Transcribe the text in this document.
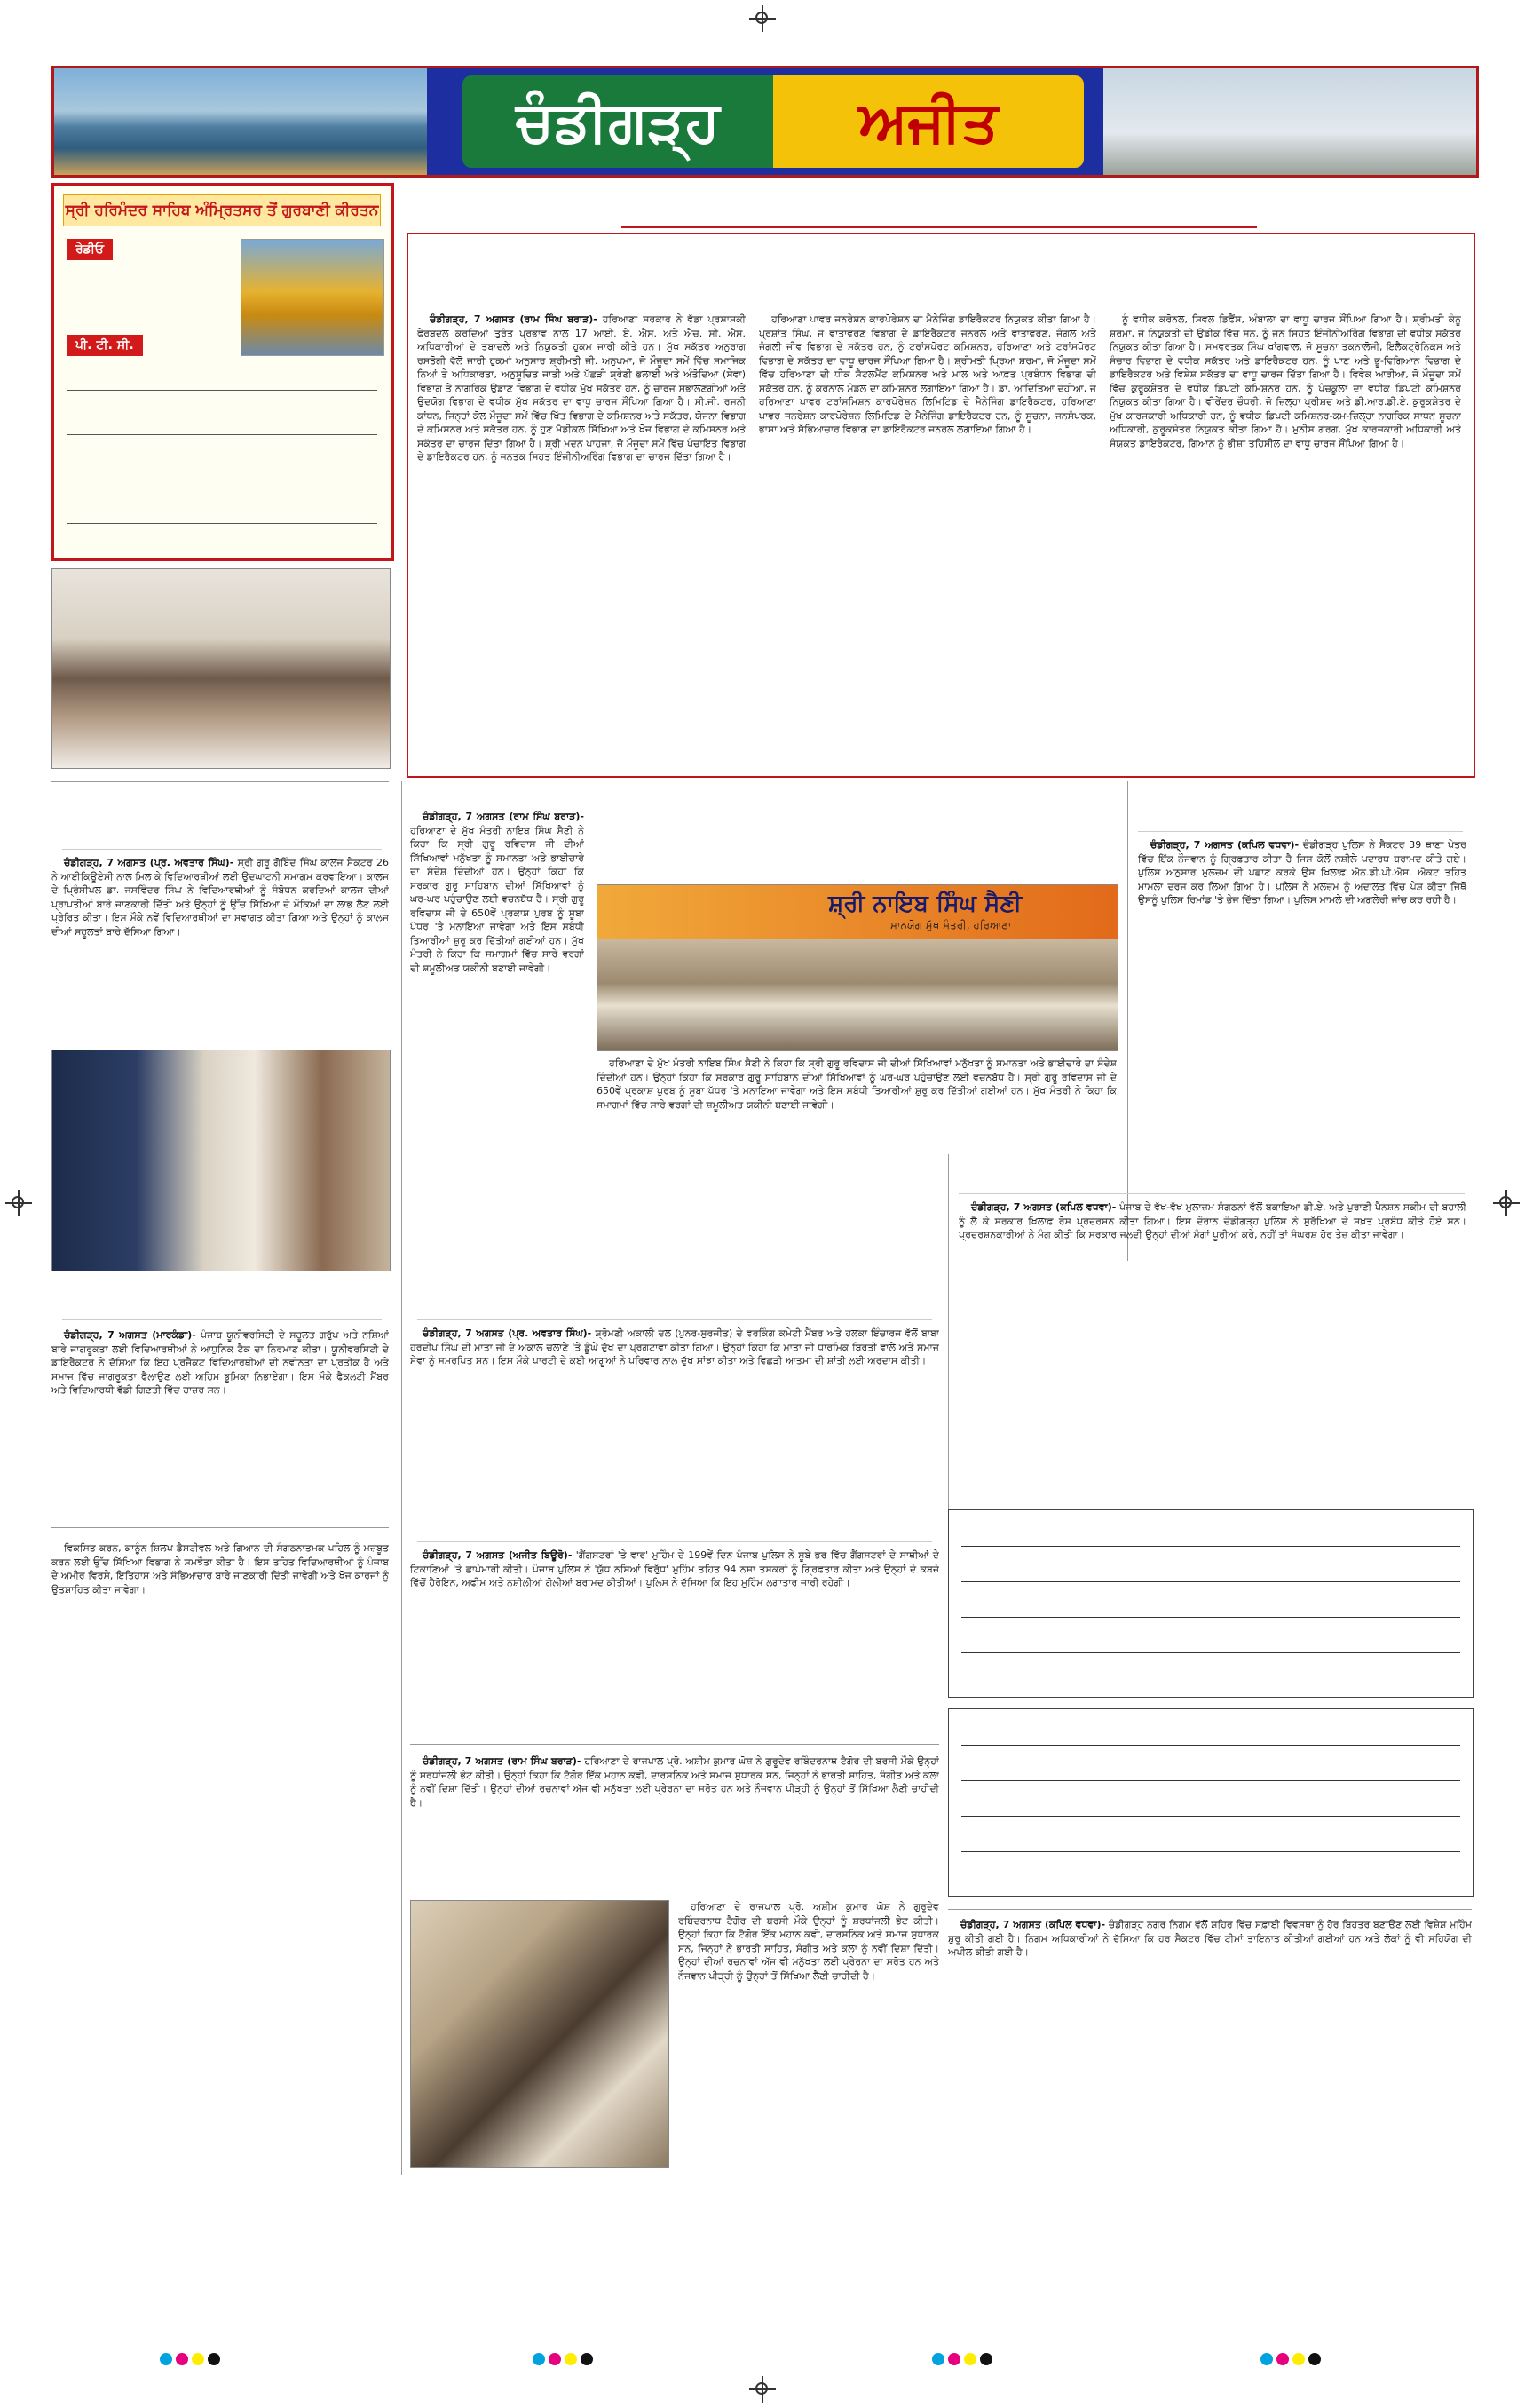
ਚੰਡੀਗੜ੍ਹ	ਅਜੀਤ
ਸ੍ਰੀ ਹਰਿਮੰਦਰ ਸਾਹਿਬ ਅੰਮ੍ਰਿਤਸਰ ਤੋਂ ਗੁਰਬਾਣੀ ਕੀਰਤਨ
ਰੇਡੀਓ
ਪੀ. ਟੀ. ਸੀ.

ਚੰਡੀਗੜ੍ਹ, 7 ਅਗਸਤ (ਰਾਮ ਸਿੰਘ ਬਰਾੜ)- ਹਰਿਆਣਾ ਸਰਕਾਰ ਨੇ ਵੱਡਾ ਪ੍ਰਸ਼ਾਸਕੀ ਫੇਰਬਦਲ ਕਰਦਿਆਂ ਤੁਰੰਤ ਪ੍ਰਭਾਵ ਨਾਲ 17 ਆਈ. ਏ. ਐਸ. ਅਤੇ ਐਚ. ਸੀ. ਐਸ. ਅਧਿਕਾਰੀਆਂ ਦੇ ਤਬਾਦਲੇ ਅਤੇ ਨਿਯੁਕਤੀ ਹੁਕਮ ਜਾਰੀ ਕੀਤੇ ਹਨ। ਮੁੱਖ ਸਕੱਤਰ ਅਨੁਰਾਗ ਰਸਤੋਗੀ ਵੱਲੋਂ ਜਾਰੀ ਹੁਕਮਾਂ ਅਨੁਸਾਰ ਸ਼੍ਰੀਮਤੀ ਜੀ. ਅਨੁਪਮਾ, ਜੋ ਮੌਜੂਦਾ ਸਮੇਂ ਵਿੱਚ ਸਮਾਜਿਕ ਨਿਆਂ ਤੇ ਅਧਿਕਾਰਤਾ, ਅਨੁਸੂਚਿਤ ਜਾਤੀ ਅਤੇ ਪੱਛੜੀ ਸ਼੍ਰੇਣੀ ਭਲਾਈ ਅਤੇ ਅੰਤੋਦਿਆ (ਸੇਵਾ) ਵਿਭਾਗ ਤੇ ਨਾਗਰਿਕ ਉਡਾਣ ਵਿਭਾਗ ਦੇ ਵਧੀਕ ਮੁੱਖ ਸਕੱਤਰ ਹਨ, ਨੂੰ ਚਾਰਜ ਸਭਾਲਣਗੀਆਂ ਅਤੇ ਉਦਯੋਗ ਵਿਭਾਗ ਦੇ ਵਧੀਕ ਮੁੱਖ ਸਕੱਤਰ ਦਾ ਵਾਧੂ ਚਾਰਜ ਸੌਂਪਿਆ ਗਿਆ ਹੈ। ਸੀ.ਜੀ. ਰਜਨੀ ਕਾਂਥਨ, ਜਿਨ੍ਹਾਂ ਕੋਲ ਮੌਜੂਦਾ ਸਮੇਂ ਵਿੱਚ ਖਿੱਤ ਵਿਭਾਗ ਦੇ ਕਮਿਸ਼ਨਰ ਅਤੇ ਸਕੱਤਰ, ਯੋਜਨਾ ਵਿਭਾਗ ਦੇ ਕਮਿਸ਼ਨਰ ਅਤੇ ਸਕੱਤਰ ਹਨ, ਨੂੰ ਹੁਣ ਮੈਡੀਕਲ ਸਿੱਖਿਆ ਅਤੇ ਖੋਜ ਵਿਭਾਗ ਦੇ ਕਮਿਸ਼ਨਰ ਅਤੇ ਸਕੱਤਰ ਦਾ ਚਾਰਜ ਦਿੱਤਾ ਗਿਆ ਹੈ। ਸ਼੍ਰੀ ਮਦਨ ਪਾਹੁਜਾ, ਜੋ ਮੌਜੂਦਾ ਸਮੇਂ ਵਿੱਚ ਪੰਚਾਇਤ ਵਿਭਾਗ ਦੇ ਡਾਇਰੈਕਟਰ ਹਨ, ਨੂੰ ਜਨਤਕ ਸਿਹਤ ਇੰਜੀਨੀਅਰਿੰਗ ਵਿਭਾਗ ਦਾ ਚਾਰਜ ਦਿੱਤਾ ਗਿਆ ਹੈ।

ਹਰਿਆਣਾ ਪਾਵਰ ਜਨਰੇਸ਼ਨ ਕਾਰਪੋਰੇਸ਼ਨ ਦਾ ਮੈਨੇਜਿੰਗ ਡਾਇਰੈਕਟਰ ਨਿਯੁਕਤ ਕੀਤਾ ਗਿਆ ਹੈ। ਪ੍ਰਸ਼ਾਂਤ ਸਿੰਘ, ਜੋ ਵਾਤਾਵਰਣ ਵਿਭਾਗ ਦੇ ਡਾਇਰੈਕਟਰ ਜਨਰਲ ਅਤੇ ਵਾਤਾਵਰਣ, ਜੰਗਲ ਅਤੇ ਜੰਗਲੀ ਜੀਵ ਵਿਭਾਗ ਦੇ ਸਕੱਤਰ ਹਨ, ਨੂੰ ਟਰਾਂਸਪੋਰਟ ਕਮਿਸ਼ਨਰ, ਹਰਿਆਣਾ ਅਤੇ ਟਰਾਂਸਪੋਰਟ ਵਿਭਾਗ ਦੇ ਸਕੱਤਰ ਦਾ ਵਾਧੂ ਚਾਰਜ ਸੌਂਪਿਆ ਗਿਆ ਹੈ। ਸ਼੍ਰੀਮਤੀ ਪ੍ਰਿਆ ਸ਼ਰਮਾ, ਜੋ ਮੌਜੂਦਾ ਸਮੇਂ ਵਿੱਚ ਹਰਿਆਣਾ ਦੀ ਧੀਕ ਸੈਟਲਮੈਂਟ ਕਮਿਸ਼ਨਰ ਅਤੇ ਮਾਲ ਅਤੇ ਆਫ਼ਤ ਪ੍ਰਬੰਧਨ ਵਿਭਾਗ ਦੀ ਸਕੱਤਰ ਹਨ, ਨੂੰ ਕਰਨਾਲ ਮੰਡਲ ਦਾ ਕਮਿਸ਼ਨਰ ਲਗਾਇਆ ਗਿਆ ਹੈ। ਡਾ. ਆਦਿਤਿਆ ਦਹੀਆ, ਜੋ ਹਰਿਆਣਾ ਪਾਵਰ ਟਰਾਂਸਮਿਸ਼ਨ ਕਾਰਪੋਰੇਸ਼ਨ ਲਿਮਿਟਿਡ ਦੇ ਮੈਨੇਜਿੰਗ ਡਾਇਰੈਕਟਰ, ਹਰਿਆਣਾ ਪਾਵਰ ਜਨਰੇਸ਼ਨ ਕਾਰਪੋਰੇਸ਼ਨ ਲਿਮਿਟਿਡ ਦੇ ਮੈਨੇਜਿੰਗ ਡਾਇਰੈਕਟਰ ਹਨ, ਨੂੰ ਸੂਚਨਾ, ਜਨਸੰਪਰਕ, ਭਾਸ਼ਾ ਅਤੇ ਸੱਭਿਆਚਾਰ ਵਿਭਾਗ ਦਾ ਡਾਇਰੈਕਟਰ ਜਨਰਲ ਲਗਾਇਆ ਗਿਆ ਹੈ।

ਨੂੰ ਵਧੀਕ ਕਰੋਨਲ, ਸਿਵਲ ਡਿਫੈਂਸ, ਅੰਬਾਲਾ ਦਾ ਵਾਧੂ ਚਾਰਜ ਸੌਂਪਿਆ ਗਿਆ ਹੈ। ਸ਼੍ਰੀਮਤੀ ਕੰਨੂ ਸ਼ਰਮਾ, ਜੋ ਨਿਯੁਕਤੀ ਦੀ ਉਡੀਕ ਵਿੱਚ ਸਨ, ਨੂੰ ਜਨ ਸਿਹਤ ਇੰਜੀਨੀਅਰਿੰਗ ਵਿਭਾਗ ਦੀ ਵਧੀਕ ਸਕੱਤਰ ਨਿਯੁਕਤ ਕੀਤਾ ਗਿਆ ਹੈ। ਸਮਵਰਤਕ ਸਿੰਘ ਖਾਂਗਵਾਲ, ਜੋ ਸੂਚਨਾ ਤਕਨਾਲੋਜੀ, ਇਲੈਕਟ੍ਰੋਨਿਕਸ ਅਤੇ ਸੰਚਾਰ ਵਿਭਾਗ ਦੇ ਵਧੀਕ ਸਕੱਤਰ ਅਤੇ ਡਾਇਰੈਕਟਰ ਹਨ, ਨੂੰ ਖਾਣ ਅਤੇ ਭੂ-ਵਿਗਿਆਨ ਵਿਭਾਗ ਦੇ ਡਾਇਰੈਕਟਰ ਅਤੇ ਵਿਸ਼ੇਸ਼ ਸਕੱਤਰ ਦਾ ਵਾਧੂ ਚਾਰਜ ਦਿੱਤਾ ਗਿਆ ਹੈ। ਵਿਵੇਕ ਆਰੀਆ, ਜੋ ਮੌਜੂਦਾ ਸਮੇਂ ਵਿੱਚ ਕੁਰੂਕਸ਼ੇਤਰ ਦੇ ਵਧੀਕ ਡਿਪਟੀ ਕਮਿਸ਼ਨਰ ਹਨ, ਨੂੰ ਪੰਚਕੂਲਾ ਦਾ ਵਧੀਕ ਡਿਪਟੀ ਕਮਿਸ਼ਨਰ ਨਿਯੁਕਤ ਕੀਤਾ ਗਿਆ ਹੈ। ਵੀਰੇਂਦਰ ਚੌਧਰੀ, ਜੋ ਜ਼ਿਲ੍ਹਾ ਪ੍ਰੀਸ਼ਦ ਅਤੇ ਡੀ.ਆਰ.ਡੀ.ਏ. ਕੁਰੂਕਸ਼ੇਤਰ ਦੇ ਮੁੱਖ ਕਾਰਜਕਾਰੀ ਅਧਿਕਾਰੀ ਹਨ, ਨੂੰ ਵਧੀਕ ਡਿਪਟੀ ਕਮਿਸ਼ਨਰ-ਕਮ-ਜ਼ਿਲ੍ਹਾ ਨਾਗਰਿਕ ਸਾਧਨ ਸੂਚਨਾ ਅਧਿਕਾਰੀ, ਕੁਰੂਕਸ਼ੇਤਰ ਨਿਯੁਕਤ ਕੀਤਾ ਗਿਆ ਹੈ। ਮੁਨੀਸ਼ ਗਰਗ, ਮੁੱਖ ਕਾਰਜਕਾਰੀ ਅਧਿਕਾਰੀ ਅਤੇ ਸੰਯੁਕਤ ਡਾਇਰੈਕਟਰ, ਗਿਆਨ ਨੂੰ ਭੀਸ਼ਾ ਤਹਿਸੀਲ ਦਾ ਵਾਧੂ ਚਾਰਜ ਸੌਂਪਿਆ ਗਿਆ ਹੈ।

ਚੰਡੀਗੜ੍ਹ, 7 ਅਗਸਤ (ਪ੍ਰ. ਅਵਤਾਰ ਸਿੰਘ)- ਸ੍ਰੀ ਗੁਰੂ ਗੋਬਿੰਦ ਸਿੰਘ ਕਾਲਜ ਸੈਕਟਰ 26 ਨੇ ਆਈਕਿਊਏਸੀ ਨਾਲ ਮਿਲ ਕੇ ਵਿਦਿਆਰਥੀਆਂ ਲਈ ਉਦਘਾਟਨੀ ਸਮਾਗਮ ਕਰਵਾਇਆ। ਕਾਲਜ ਦੇ ਪ੍ਰਿੰਸੀਪਲ ਡਾ. ਜਸਵਿੰਦਰ ਸਿੰਘ ਨੇ ਵਿਦਿਆਰਥੀਆਂ ਨੂੰ ਸੰਬੋਧਨ ਕਰਦਿਆਂ ਕਾਲਜ ਦੀਆਂ ਪ੍ਰਾਪਤੀਆਂ ਬਾਰੇ ਜਾਣਕਾਰੀ ਦਿੱਤੀ ਅਤੇ ਉਨ੍ਹਾਂ ਨੂੰ ਉੱਚ ਸਿੱਖਿਆ ਦੇ ਮੌਕਿਆਂ ਦਾ ਲਾਭ ਲੈਣ ਲਈ ਪ੍ਰੇਰਿਤ ਕੀਤਾ। ਇਸ ਮੌਕੇ ਨਵੇਂ ਵਿਦਿਆਰਥੀਆਂ ਦਾ ਸਵਾਗਤ ਕੀਤਾ ਗਿਆ ਅਤੇ ਉਨ੍ਹਾਂ ਨੂੰ ਕਾਲਜ ਦੀਆਂ ਸਹੂਲਤਾਂ ਬਾਰੇ ਦੱਸਿਆ ਗਿਆ।

ਚੰਡੀਗੜ੍ਹ, 7 ਅਗਸਤ (ਮਾਰਕੰਡਾ)- ਪੰਜਾਬ ਯੂਨੀਵਰਸਿਟੀ ਦੇ ਸਹੂਲਤ ਗਰੁੱਪ ਅਤੇ ਨਸ਼ਿਆਂ ਬਾਰੇ ਜਾਗਰੂਕਤਾ ਲਈ ਵਿਦਿਆਰਥੀਆਂ ਨੇ ਆਧੁਨਿਕ ਟੈਕ ਦਾ ਨਿਰਮਾਣ ਕੀਤਾ। ਯੂਨੀਵਰਸਿਟੀ ਦੇ ਡਾਇਰੈਕਟਰ ਨੇ ਦੱਸਿਆ ਕਿ ਇਹ ਪ੍ਰੋਜੈਕਟ ਵਿਦਿਆਰਥੀਆਂ ਦੀ ਨਵੀਨਤਾ ਦਾ ਪ੍ਰਤੀਕ ਹੈ ਅਤੇ ਸਮਾਜ ਵਿੱਚ ਜਾਗਰੂਕਤਾ ਫੈਲਾਉਣ ਲਈ ਅਹਿਮ ਭੂਮਿਕਾ ਨਿਭਾਏਗਾ। ਇਸ ਮੌਕੇ ਫੈਕਲਟੀ ਮੈਂਬਰ ਅਤੇ ਵਿਦਿਆਰਥੀ ਵੱਡੀ ਗਿਣਤੀ ਵਿੱਚ ਹਾਜ਼ਰ ਸਨ।

ਚੰਡੀਗੜ੍ਹ, 7 ਅਗਸਤ (ਰਾਮ ਸਿੰਘ ਬਰਾੜ)- ਹਰਿਆਣਾ ਦੇ ਮੁੱਖ ਮੰਤਰੀ ਨਾਇਬ ਸਿੰਘ ਸੈਣੀ ਨੇ ਕਿਹਾ ਕਿ ਸ੍ਰੀ ਗੁਰੂ ਰਵਿਦਾਸ ਜੀ ਦੀਆਂ ਸਿੱਖਿਆਵਾਂ ਮਨੁੱਖਤਾ ਨੂੰ ਸਮਾਨਤਾ ਅਤੇ ਭਾਈਚਾਰੇ ਦਾ ਸੰਦੇਸ਼ ਦਿੰਦੀਆਂ ਹਨ। ਉਨ੍ਹਾਂ ਕਿਹਾ ਕਿ ਸਰਕਾਰ ਗੁਰੂ ਸਾਹਿਬਾਨ ਦੀਆਂ ਸਿੱਖਿਆਵਾਂ ਨੂੰ ਘਰ-ਘਰ ਪਹੁੰਚਾਉਣ ਲਈ ਵਚਨਬੱਧ ਹੈ। ਸ੍ਰੀ ਗੁਰੂ ਰਵਿਦਾਸ ਜੀ ਦੇ 650ਵੇਂ ਪ੍ਰਕਾਸ਼ ਪੁਰਬ ਨੂੰ ਸੂਬਾ ਪੱਧਰ 'ਤੇ ਮਨਾਇਆ ਜਾਵੇਗਾ ਅਤੇ ਇਸ ਸਬੰਧੀ ਤਿਆਰੀਆਂ ਸ਼ੁਰੂ ਕਰ ਦਿੱਤੀਆਂ ਗਈਆਂ ਹਨ। ਮੁੱਖ ਮੰਤਰੀ ਨੇ ਕਿਹਾ ਕਿ ਸਮਾਗਮਾਂ ਵਿੱਚ ਸਾਰੇ ਵਰਗਾਂ ਦੀ ਸ਼ਮੂਲੀਅਤ ਯਕੀਨੀ ਬਣਾਈ ਜਾਵੇਗੀ।

ਸ਼੍ਰੀ ਨਾਇਬ ਸਿੰਘ ਸੈਣੀ
ਮਾਨਯੋਗ ਮੁੱਖ ਮੰਤਰੀ, ਹਰਿਆਣਾ

ਹਰਿਆਣਾ ਦੇ ਮੁੱਖ ਮੰਤਰੀ ਨਾਇਬ ਸਿੰਘ ਸੈਣੀ ਨੇ ਕਿਹਾ ਕਿ ਸ੍ਰੀ ਗੁਰੂ ਰਵਿਦਾਸ ਜੀ ਦੀਆਂ ਸਿੱਖਿਆਵਾਂ ਮਨੁੱਖਤਾ ਨੂੰ ਸਮਾਨਤਾ ਅਤੇ ਭਾਈਚਾਰੇ ਦਾ ਸੰਦੇਸ਼ ਦਿੰਦੀਆਂ ਹਨ। ਉਨ੍ਹਾਂ ਕਿਹਾ ਕਿ ਸਰਕਾਰ ਗੁਰੂ ਸਾਹਿਬਾਨ ਦੀਆਂ ਸਿੱਖਿਆਵਾਂ ਨੂੰ ਘਰ-ਘਰ ਪਹੁੰਚਾਉਣ ਲਈ ਵਚਨਬੱਧ ਹੈ। ਸ੍ਰੀ ਗੁਰੂ ਰਵਿਦਾਸ ਜੀ ਦੇ 650ਵੇਂ ਪ੍ਰਕਾਸ਼ ਪੁਰਬ ਨੂੰ ਸੂਬਾ ਪੱਧਰ 'ਤੇ ਮਨਾਇਆ ਜਾਵੇਗਾ ਅਤੇ ਇਸ ਸਬੰਧੀ ਤਿਆਰੀਆਂ ਸ਼ੁਰੂ ਕਰ ਦਿੱਤੀਆਂ ਗਈਆਂ ਹਨ। ਮੁੱਖ ਮੰਤਰੀ ਨੇ ਕਿਹਾ ਕਿ ਸਮਾਗਮਾਂ ਵਿੱਚ ਸਾਰੇ ਵਰਗਾਂ ਦੀ ਸ਼ਮੂਲੀਅਤ ਯਕੀਨੀ ਬਣਾਈ ਜਾਵੇਗੀ।

ਚੰਡੀਗੜ੍ਹ, 7 ਅਗਸਤ (ਕਪਿਲ ਵਧਵਾ)- ਚੰਡੀਗੜ੍ਹ ਪੁਲਿਸ ਨੇ ਸੈਕਟਰ 39 ਥਾਣਾ ਖੇਤਰ ਵਿੱਚ ਇੱਕ ਨੌਜਵਾਨ ਨੂੰ ਗ੍ਰਿਫ਼ਤਾਰ ਕੀਤਾ ਹੈ ਜਿਸ ਕੋਲੋਂ ਨਸ਼ੀਲੇ ਪਦਾਰਥ ਬਰਾਮਦ ਕੀਤੇ ਗਏ। ਪੁਲਿਸ ਅਨੁਸਾਰ ਮੁਲਜ਼ਮ ਦੀ ਪਛਾਣ ਕਰਕੇ ਉਸ ਖਿਲਾਫ਼ ਐਨ.ਡੀ.ਪੀ.ਐਸ. ਐਕਟ ਤਹਿਤ ਮਾਮਲਾ ਦਰਜ ਕਰ ਲਿਆ ਗਿਆ ਹੈ। ਪੁਲਿਸ ਨੇ ਮੁਲਜ਼ਮ ਨੂੰ ਅਦਾਲਤ ਵਿੱਚ ਪੇਸ਼ ਕੀਤਾ ਜਿੱਥੋਂ ਉਸਨੂੰ ਪੁਲਿਸ ਰਿਮਾਂਡ 'ਤੇ ਭੇਜ ਦਿੱਤਾ ਗਿਆ। ਪੁਲਿਸ ਮਾਮਲੇ ਦੀ ਅਗਲੇਰੀ ਜਾਂਚ ਕਰ ਰਹੀ ਹੈ।

ਚੰਡੀਗੜ੍ਹ, 7 ਅਗਸਤ (ਪ੍ਰ. ਅਵਤਾਰ ਸਿੰਘ)- ਸ਼੍ਰੋਮਣੀ ਅਕਾਲੀ ਦਲ (ਪੁਨਰ-ਸੁਰਜੀਤ) ਦੇ ਵਰਕਿੰਗ ਕਮੇਟੀ ਮੈਂਬਰ ਅਤੇ ਹਲਕਾ ਇੰਚਾਰਜ ਵੱਲੋਂ ਬਾਬਾ ਹਰਦੀਪ ਸਿੰਘ ਦੀ ਮਾਤਾ ਜੀ ਦੇ ਅਕਾਲ ਚਲਾਣੇ 'ਤੇ ਡੂੰਘੇ ਦੁੱਖ ਦਾ ਪ੍ਰਗਟਾਵਾ ਕੀਤਾ ਗਿਆ। ਉਨ੍ਹਾਂ ਕਿਹਾ ਕਿ ਮਾਤਾ ਜੀ ਧਾਰਮਿਕ ਬਿਰਤੀ ਵਾਲੇ ਅਤੇ ਸਮਾਜ ਸੇਵਾ ਨੂੰ ਸਮਰਪਿਤ ਸਨ। ਇਸ ਮੌਕੇ ਪਾਰਟੀ ਦੇ ਕਈ ਆਗੂਆਂ ਨੇ ਪਰਿਵਾਰ ਨਾਲ ਦੁੱਖ ਸਾਂਝਾ ਕੀਤਾ ਅਤੇ ਵਿਛੜੀ ਆਤਮਾ ਦੀ ਸ਼ਾਂਤੀ ਲਈ ਅਰਦਾਸ ਕੀਤੀ।

ਚੰਡੀਗੜ੍ਹ, 7 ਅਗਸਤ (ਕਪਿਲ ਵਧਵਾ)- ਪੰਜਾਬ ਦੇ ਵੱਖ-ਵੱਖ ਮੁਲਾਜ਼ਮ ਸੰਗਠਨਾਂ ਵੱਲੋਂ ਬਕਾਇਆ ਡੀ.ਏ. ਅਤੇ ਪੁਰਾਣੀ ਪੈਨਸ਼ਨ ਸਕੀਮ ਦੀ ਬਹਾਲੀ ਨੂੰ ਲੈ ਕੇ ਸਰਕਾਰ ਖਿਲਾਫ਼ ਰੋਸ ਪ੍ਰਦਰਸ਼ਨ ਕੀਤਾ ਗਿਆ। ਇਸ ਦੌਰਾਨ ਚੰਡੀਗੜ੍ਹ ਪੁਲਿਸ ਨੇ ਸੁਰੱਖਿਆ ਦੇ ਸਖ਼ਤ ਪ੍ਰਬੰਧ ਕੀਤੇ ਹੋਏ ਸਨ। ਪ੍ਰਦਰਸ਼ਨਕਾਰੀਆਂ ਨੇ ਮੰਗ ਕੀਤੀ ਕਿ ਸਰਕਾਰ ਜਲਦੀ ਉਨ੍ਹਾਂ ਦੀਆਂ ਮੰਗਾਂ ਪੂਰੀਆਂ ਕਰੇ, ਨਹੀਂ ਤਾਂ ਸੰਘਰਸ਼ ਹੋਰ ਤੇਜ਼ ਕੀਤਾ ਜਾਵੇਗਾ।

ਚੰਡੀਗੜ੍ਹ, 7 ਅਗਸਤ (ਅਜੀਤ ਬਿਊਰੋ)- 'ਗੈਂਗਸਟਰਾਂ 'ਤੇ ਵਾਰ' ਮੁਹਿੰਮ ਦੇ 199ਵੇਂ ਦਿਨ ਪੰਜਾਬ ਪੁਲਿਸ ਨੇ ਸੂਬੇ ਭਰ ਵਿੱਚ ਗੈਂਗਸਟਰਾਂ ਦੇ ਸਾਥੀਆਂ ਦੇ ਟਿਕਾਣਿਆਂ 'ਤੇ ਛਾਪੇਮਾਰੀ ਕੀਤੀ। ਪੰਜਾਬ ਪੁਲਿਸ ਨੇ 'ਯੁੱਧ ਨਸ਼ਿਆਂ ਵਿਰੁੱਧ' ਮੁਹਿੰਮ ਤਹਿਤ 94 ਨਸ਼ਾ ਤਸਕਰਾਂ ਨੂੰ ਗ੍ਰਿਫ਼ਤਾਰ ਕੀਤਾ ਅਤੇ ਉਨ੍ਹਾਂ ਦੇ ਕਬਜ਼ੇ ਵਿੱਚੋਂ ਹੈਰੋਇਨ, ਅਫੀਮ ਅਤੇ ਨਸ਼ੀਲੀਆਂ ਗੋਲੀਆਂ ਬਰਾਮਦ ਕੀਤੀਆਂ। ਪੁਲਿਸ ਨੇ ਦੱਸਿਆ ਕਿ ਇਹ ਮੁਹਿੰਮ ਲਗਾਤਾਰ ਜਾਰੀ ਰਹੇਗੀ।

ਵਿਕਸਿਤ ਕਰਨ, ਕਾਨੂੰਨ ਸ਼ਿਲਪ ਡੈਸਟੀਵਲ ਅਤੇ ਗਿਆਨ ਦੀ ਸੰਗਠਨਾਤਮਕ ਪਹਿਲ ਨੂੰ ਮਜ਼ਬੂਤ ਕਰਨ ਲਈ ਉੱਚ ਸਿੱਖਿਆ ਵਿਭਾਗ ਨੇ ਸਮਝੌਤਾ ਕੀਤਾ ਹੈ। ਇਸ ਤਹਿਤ ਵਿਦਿਆਰਥੀਆਂ ਨੂੰ ਪੰਜਾਬ ਦੇ ਅਮੀਰ ਵਿਰਸੇ, ਇਤਿਹਾਸ ਅਤੇ ਸੱਭਿਆਚਾਰ ਬਾਰੇ ਜਾਣਕਾਰੀ ਦਿੱਤੀ ਜਾਵੇਗੀ ਅਤੇ ਖੋਜ ਕਾਰਜਾਂ ਨੂੰ ਉਤਸ਼ਾਹਿਤ ਕੀਤਾ ਜਾਵੇਗਾ।

ਚੰਡੀਗੜ੍ਹ, 7 ਅਗਸਤ (ਰਾਮ ਸਿੰਘ ਬਰਾੜ)- ਹਰਿਆਣਾ ਦੇ ਰਾਜਪਾਲ ਪ੍ਰੋ. ਅਸ਼ੀਮ ਕੁਮਾਰ ਘੋਸ਼ ਨੇ ਗੁਰੂਦੇਵ ਰਬਿੰਦਰਨਾਥ ਟੈਗੋਰ ਦੀ ਬਰਸੀ ਮੌਕੇ ਉਨ੍ਹਾਂ ਨੂੰ ਸ਼ਰਧਾਂਜਲੀ ਭੇਟ ਕੀਤੀ। ਉਨ੍ਹਾਂ ਕਿਹਾ ਕਿ ਟੈਗੋਰ ਇੱਕ ਮਹਾਨ ਕਵੀ, ਦਾਰਸ਼ਨਿਕ ਅਤੇ ਸਮਾਜ ਸੁਧਾਰਕ ਸਨ, ਜਿਨ੍ਹਾਂ ਨੇ ਭਾਰਤੀ ਸਾਹਿਤ, ਸੰਗੀਤ ਅਤੇ ਕਲਾ ਨੂੰ ਨਵੀਂ ਦਿਸ਼ਾ ਦਿੱਤੀ। ਉਨ੍ਹਾਂ ਦੀਆਂ ਰਚਨਾਵਾਂ ਅੱਜ ਵੀ ਮਨੁੱਖਤਾ ਲਈ ਪ੍ਰੇਰਨਾ ਦਾ ਸਰੋਤ ਹਨ ਅਤੇ ਨੌਜਵਾਨ ਪੀੜ੍ਹੀ ਨੂੰ ਉਨ੍ਹਾਂ ਤੋਂ ਸਿੱਖਿਆ ਲੈਣੀ ਚਾਹੀਦੀ ਹੈ।

ਹਰਿਆਣਾ ਦੇ ਰਾਜਪਾਲ ਪ੍ਰੋ. ਅਸ਼ੀਮ ਕੁਮਾਰ ਘੋਸ਼ ਨੇ ਗੁਰੂਦੇਵ ਰਬਿੰਦਰਨਾਥ ਟੈਗੋਰ ਦੀ ਬਰਸੀ ਮੌਕੇ ਉਨ੍ਹਾਂ ਨੂੰ ਸ਼ਰਧਾਂਜਲੀ ਭੇਟ ਕੀਤੀ। ਉਨ੍ਹਾਂ ਕਿਹਾ ਕਿ ਟੈਗੋਰ ਇੱਕ ਮਹਾਨ ਕਵੀ, ਦਾਰਸ਼ਨਿਕ ਅਤੇ ਸਮਾਜ ਸੁਧਾਰਕ ਸਨ, ਜਿਨ੍ਹਾਂ ਨੇ ਭਾਰਤੀ ਸਾਹਿਤ, ਸੰਗੀਤ ਅਤੇ ਕਲਾ ਨੂੰ ਨਵੀਂ ਦਿਸ਼ਾ ਦਿੱਤੀ। ਉਨ੍ਹਾਂ ਦੀਆਂ ਰਚਨਾਵਾਂ ਅੱਜ ਵੀ ਮਨੁੱਖਤਾ ਲਈ ਪ੍ਰੇਰਨਾ ਦਾ ਸਰੋਤ ਹਨ ਅਤੇ ਨੌਜਵਾਨ ਪੀੜ੍ਹੀ ਨੂੰ ਉਨ੍ਹਾਂ ਤੋਂ ਸਿੱਖਿਆ ਲੈਣੀ ਚਾਹੀਦੀ ਹੈ।

ਚੰਡੀਗੜ੍ਹ, 7 ਅਗਸਤ (ਕਪਿਲ ਵਧਵਾ)- ਚੰਡੀਗੜ੍ਹ ਨਗਰ ਨਿਗਮ ਵੱਲੋਂ ਸ਼ਹਿਰ ਵਿੱਚ ਸਫ਼ਾਈ ਵਿਵਸਥਾ ਨੂੰ ਹੋਰ ਬਿਹਤਰ ਬਣਾਉਣ ਲਈ ਵਿਸ਼ੇਸ਼ ਮੁਹਿੰਮ ਸ਼ੁਰੂ ਕੀਤੀ ਗਈ ਹੈ। ਨਿਗਮ ਅਧਿਕਾਰੀਆਂ ਨੇ ਦੱਸਿਆ ਕਿ ਹਰ ਸੈਕਟਰ ਵਿੱਚ ਟੀਮਾਂ ਤਾਇਨਾਤ ਕੀਤੀਆਂ ਗਈਆਂ ਹਨ ਅਤੇ ਲੋਕਾਂ ਨੂੰ ਵੀ ਸਹਿਯੋਗ ਦੀ ਅਪੀਲ ਕੀਤੀ ਗਈ ਹੈ।
